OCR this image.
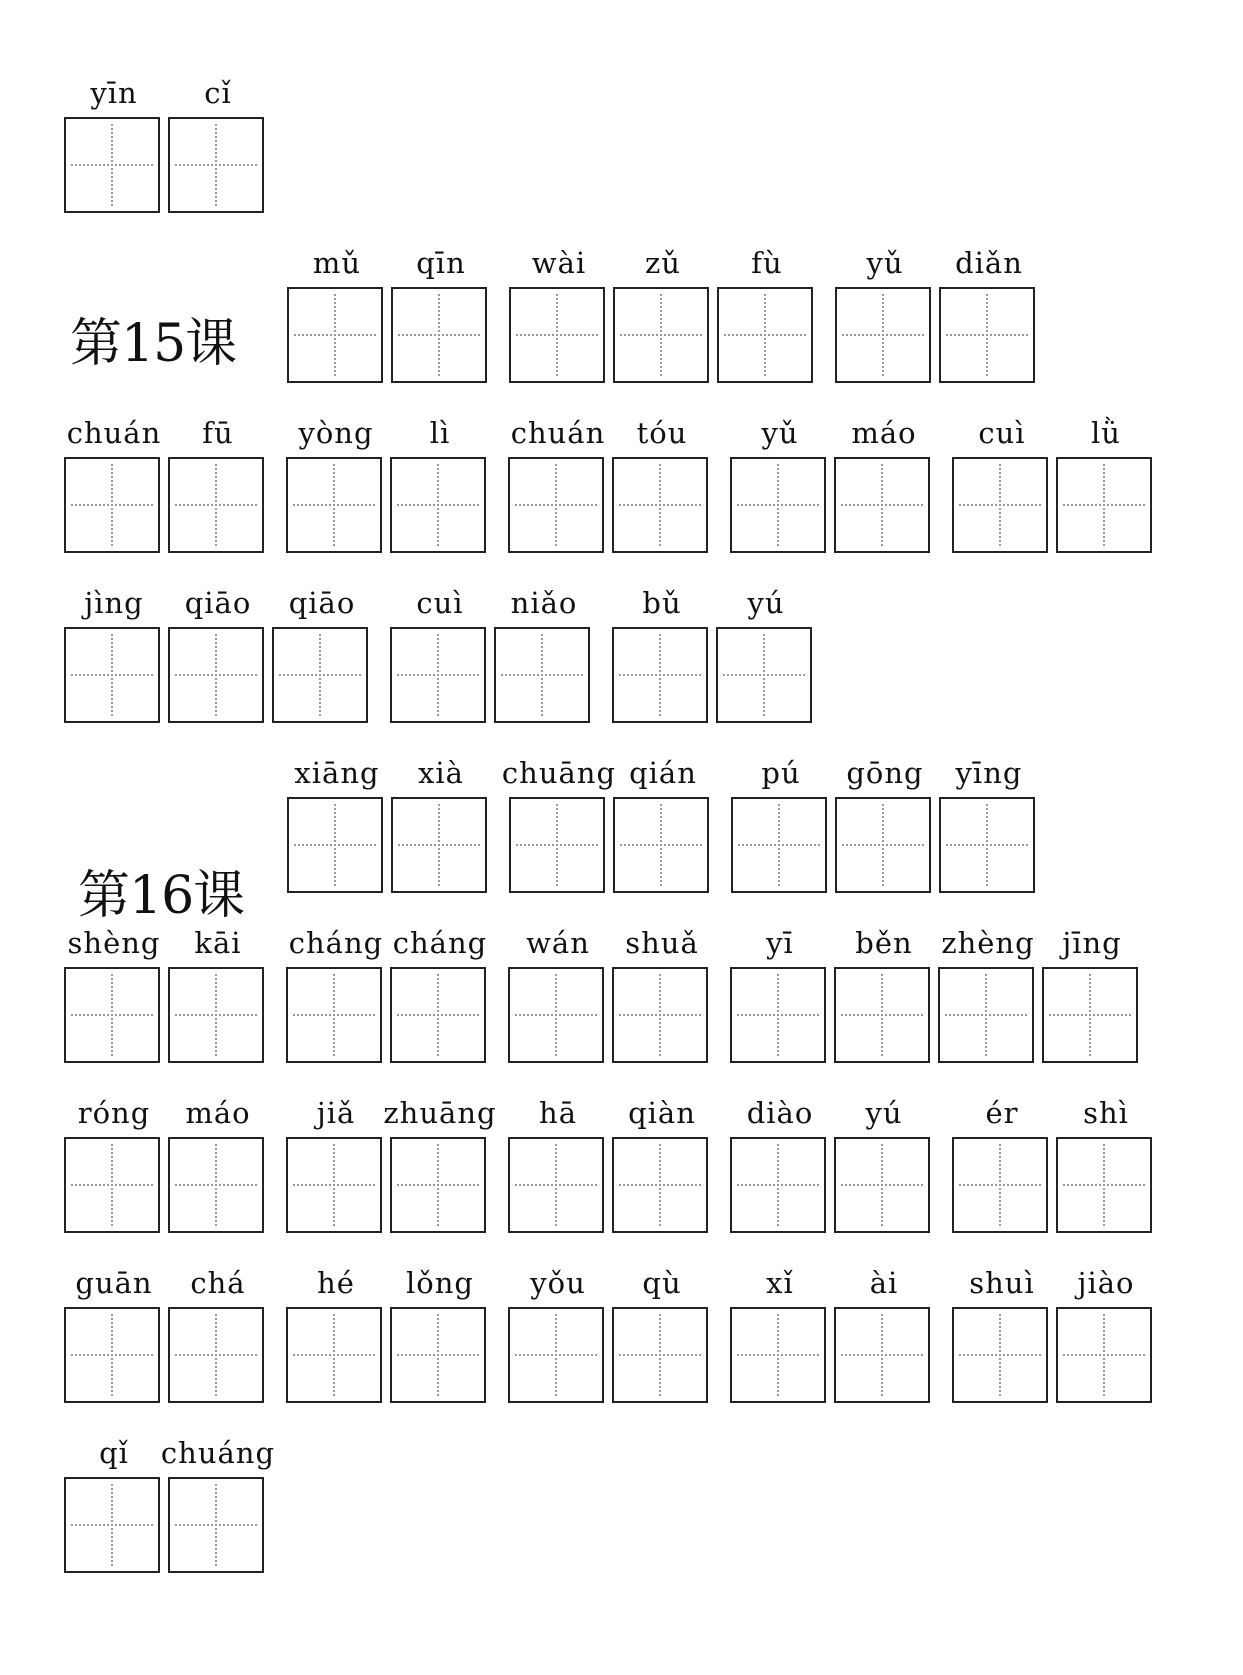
yīn	cǐ
第15课
mǔ	qīn	wài	zǔ	fù	yǔ	diǎn
chuán	fū	yòng	lì	chuán	tóu	yǔ	máo	cuì	lǜ
jìng	qiāo	qiāo	cuì	niǎo	bǔ	yú
第16课
xiāng	xià	chuāng qián	pú	gōng	yīng
shèng	kāi	cháng cháng	wán	shuǎ	yī	běn zhèng jīng
róng	máo	jiǎ zhuāng	hā	qiàn	diào	yú	ér	shì
guān	chá	hé	lǒng	yǒu	qù	xǐ	ài	shuì	jiào
qǐ	chuáng
